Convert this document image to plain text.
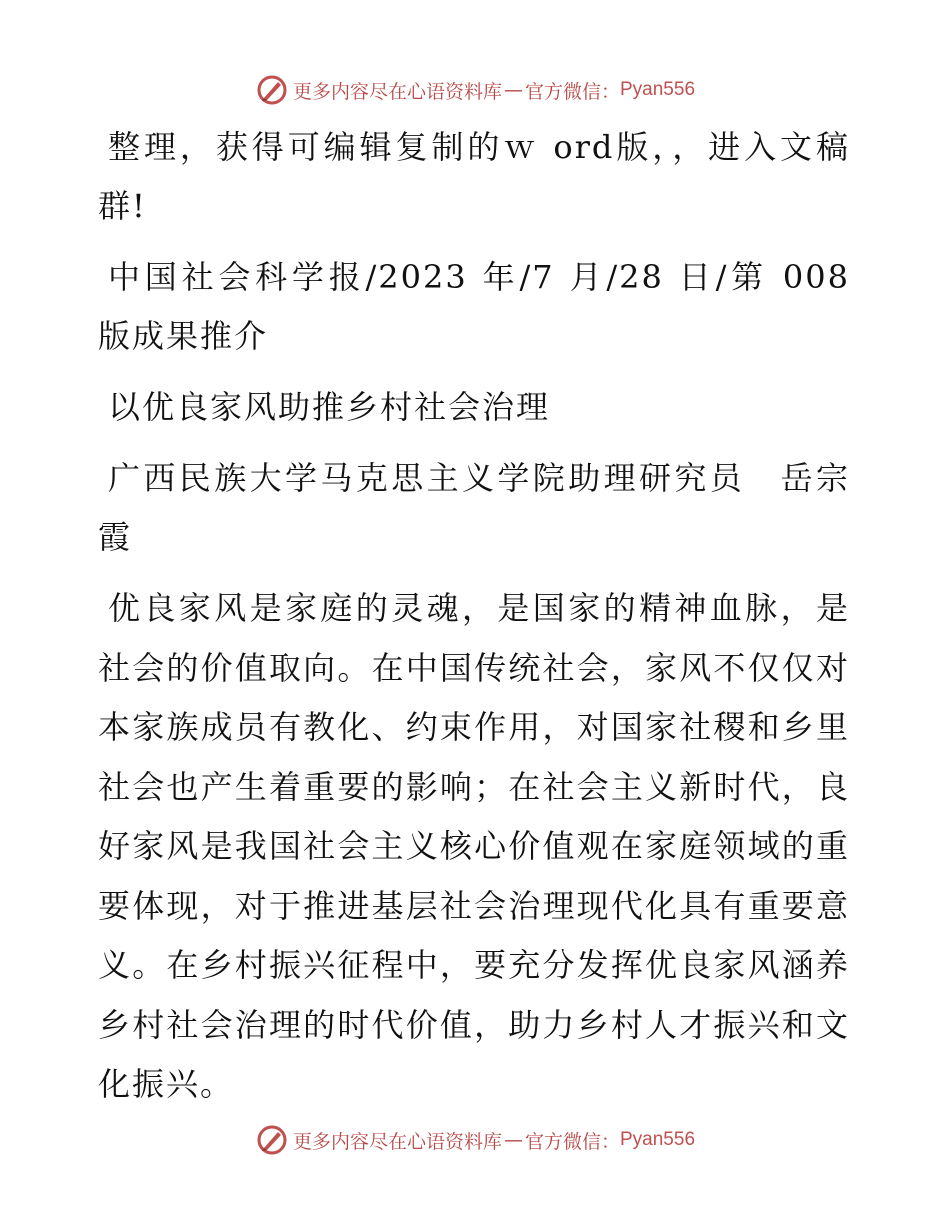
更多内容尽在心语资料库 — 官方微信： Pyan556

整理，获得可编辑复制的ｗ ord版，，进入文稿群!

中国社会科学报/2023 年/7 月/28 日/第 008 版成果推介

以优良家风助推乡村社会治理

广西民族大学马克思主义学院助理研究员　岳宗霞

优良家风是家庭的灵魂，是国家的精神血脉，是社会的价值取向。在中国传统社会，家风不仅仅对本家族成员有教化、约束作用，对国家社稷和乡里社会也产生着重要的影响；在社会主义新时代，良好家风是我国社会主义核心价值观在家庭领域的重要体现，对于推进基层社会治理现代化具有重要意义。在乡村振兴征程中，要充分发挥优良家风涵养乡村社会治理的时代价值，助力乡村人才振兴和文化振兴。

更多内容尽在心语资料库 — 官方微信： Pyan556
